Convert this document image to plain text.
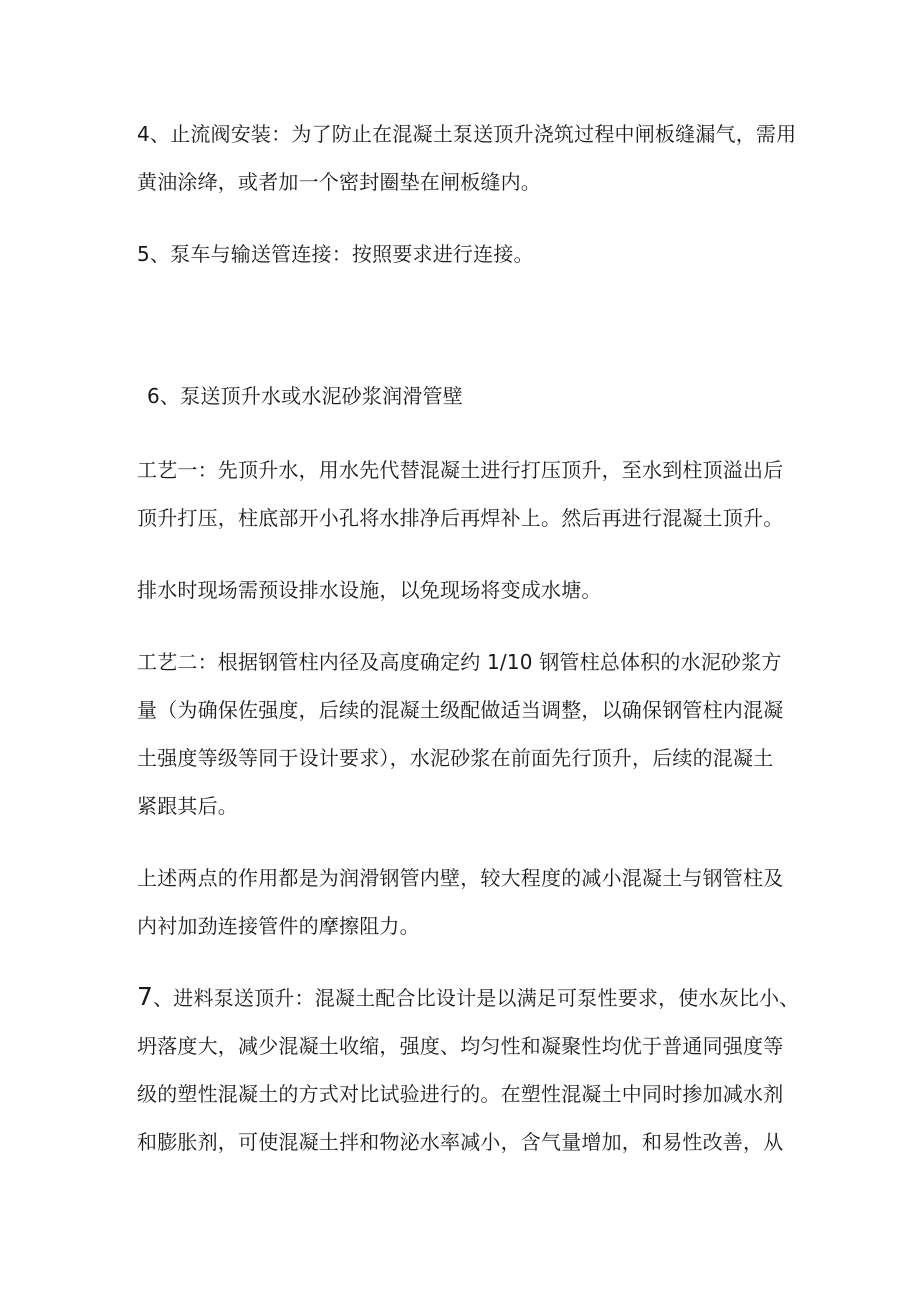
4、止流阀安装：为了防止在混凝土泵送顶升浇筑过程中闸板缝漏气，需用
黄油涂绛，或者加一个密封圈垫在闸板缝内。
5、泵车与输送管连接：按照要求进行连接。
6、泵送顶升水或水泥砂浆润滑管壁
工艺一：先顶升水，用水先代替混凝土进行打压顶升，至水到柱顶溢出后
顶升打压，柱底部开小孔将水排净后再焊补上。然后再进行混凝土顶升。
排水时现场需预设排水设施，以免现场将变成水塘。
工艺二：根据钢管柱内径及高度确定约 1/10 钢管柱总体积的水泥砂浆方
量（为确保佐强度，后续的混凝土级配做适当调整，以确保钢管柱内混凝
土强度等级等同于设计要求），水泥砂浆在前面先行顶升，后续的混凝土
紧跟其后。
上述两点的作用都是为润滑钢管内壁，较大程度的减小混凝土与钢管柱及
内衬加劲连接管件的摩擦阻力。
7、进料泵送顶升：混凝土配合比设计是以满足可泵性要求，使水灰比小、
坍落度大，减少混凝土收缩，强度、均匀性和凝聚性均优于普通同强度等
级的塑性混凝土的方式对比试验进行的。在塑性混凝土中同时掺加减水剂
和膨胀剂，可使混凝土拌和物泌水率减小，含气量增加，和易性改善，从
